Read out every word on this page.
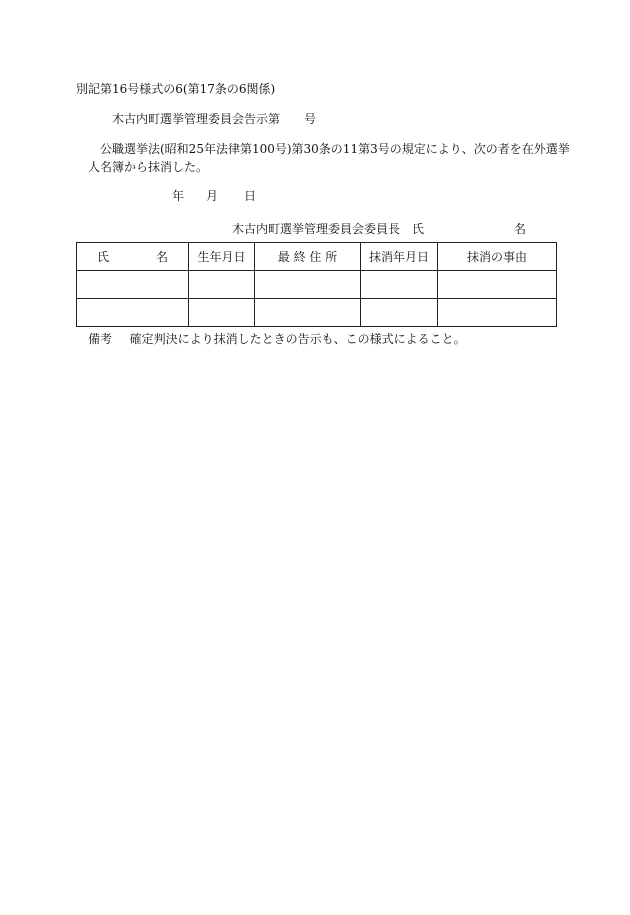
別記第16号様式の6(第17条の6関係)
木古内町選挙管理委員会告示第　　号
公職選挙法(昭和25年法律第100号)第30条の11第3号の規定により、次の者を在外選挙
人名簿から抹消した。
年 月 日
木古内町選挙管理委員会委員長　氏	名
氏 名	生年月日	最 終 住 所	抹消年月日	抹消の事由

備考 確定判決により抹消したときの告示も、この様式によること。
